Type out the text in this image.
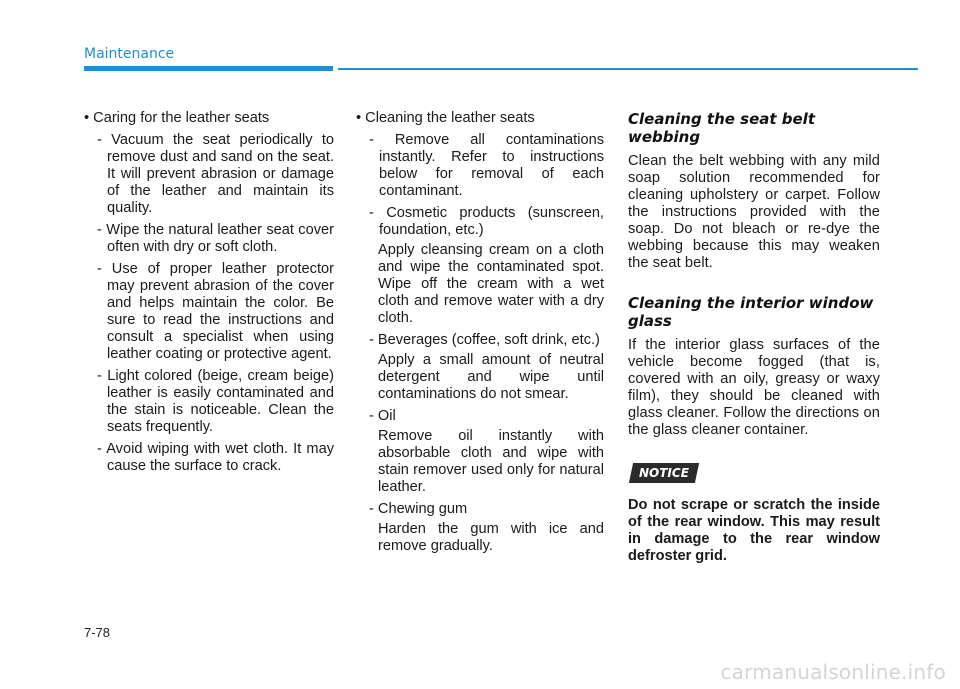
Maintenance

• Caring for the leather seats

- Vacuum the seat periodically to remove dust and sand on the seat. It will prevent abrasion or damage of the leather and maintain its quality.

- Wipe the natural leather seat cover often with dry or soft cloth.

- Use of proper leather protector may prevent abrasion of the cover and helps maintain the color. Be sure to read the instructions and consult a specialist when using leather coating or protective agent.

- Light colored (beige, cream beige) leather is easily contaminated and the stain is noticeable. Clean the seats frequently.

- Avoid wiping with wet cloth. It may cause the surface to crack.

• Cleaning the leather seats

- Remove all contaminations instantly. Refer to instructions below for removal of each contaminant.

- Cosmetic products (sunscreen, foundation, etc.)

Apply cleansing cream on a cloth and wipe the contaminated spot. Wipe off the cream with a wet cloth and remove water with a dry cloth.

- Beverages (coffee, soft drink, etc.)

Apply a small amount of neutral detergent and wipe until contaminations do not smear.

- Oil

Remove oil instantly with absorbable cloth and wipe with stain remover used only for natural leather.

- Chewing gum

Harden the gum with ice and remove gradually.

Cleaning the seat belt webbing

Clean the belt webbing with any mild soap solution recommended for cleaning upholstery or carpet. Follow the instructions provided with the soap. Do not bleach or re-dye the webbing because this may weaken the seat belt.

Cleaning the interior window glass

If the interior glass surfaces of the vehicle become fogged (that is, covered with an oily, greasy or waxy film), they should be cleaned with glass cleaner. Follow the directions on the glass cleaner container.

NOTICE

Do not scrape or scratch the inside of the rear window. This may result in damage to the rear window defroster grid.

7-78
carmanualsonline.info
